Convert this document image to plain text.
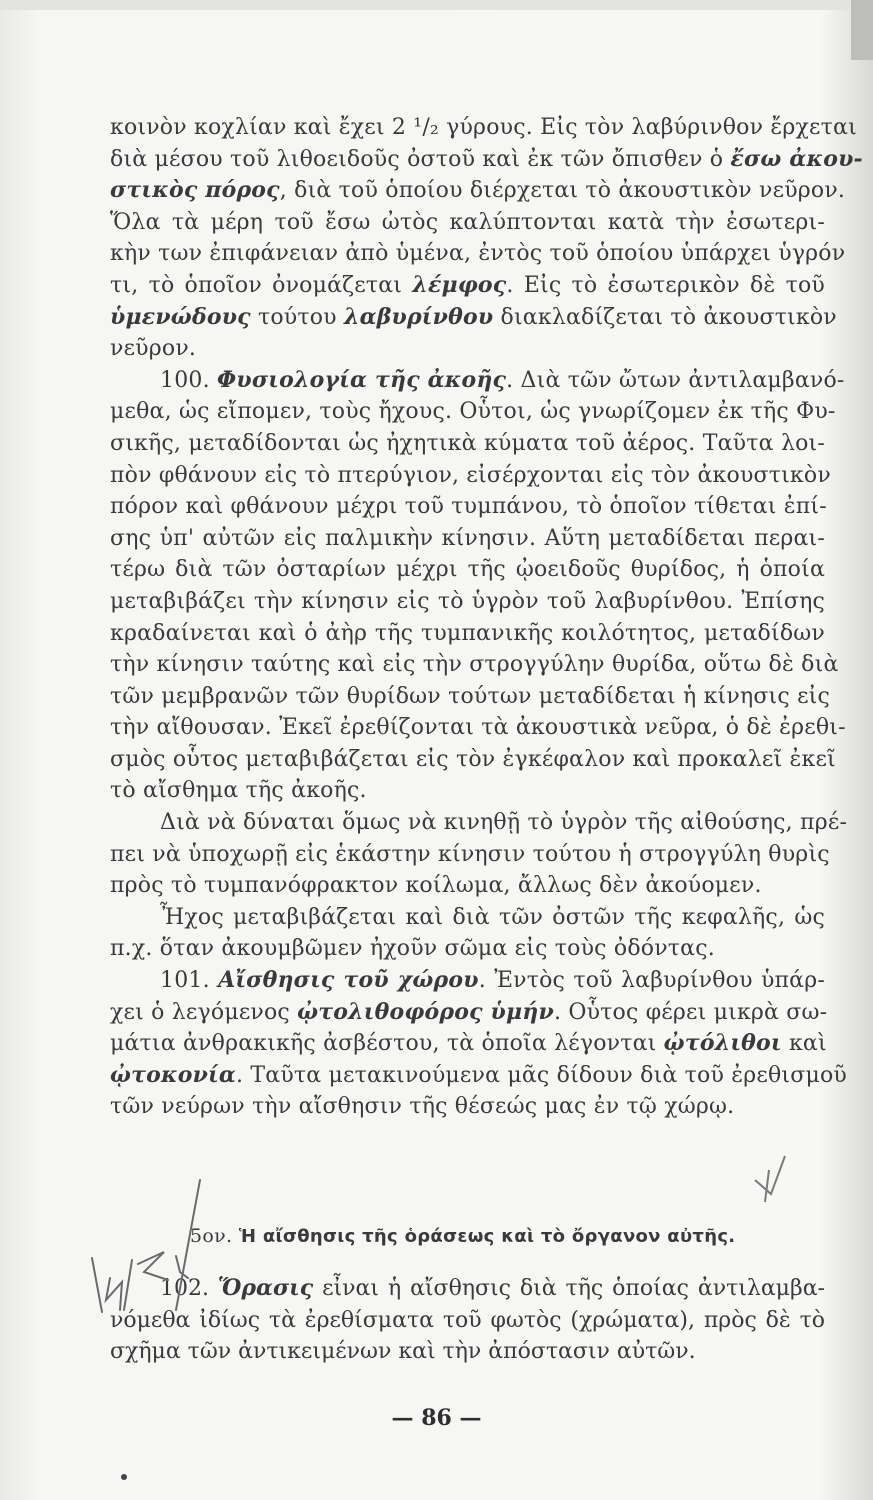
κοινὸν κοχλίαν καὶ ἔχει 2 ¹/₂ γύρους. Εἰς τὸν λαβύρινθον ἔρχεται
διὰ μέσου τοῦ λιθοειδοῦς ὀστοῦ καὶ ἐκ τῶν ὄπισθεν ὁ ἔσω ἀκου-
στικὸς πόρος, διὰ τοῦ ὁποίου διέρχεται τὸ ἀκουστικὸν νεῦρον.
Ὅλα τὰ μέρη τοῦ ἔσω ὠτὸς καλύπτονται κατὰ τὴν ἐσωτερι-
κὴν των ἐπιφάνειαν ἀπὸ ὑμένα, ἐντὸς τοῦ ὁποίου ὑπάρχει ὑγρόν
τι, τὸ ὁποῖον ὀνομάζεται λέμφος. Εἰς τὸ ἐσωτερικὸν δὲ τοῦ
ὑμενώδους τούτου λαβυρίνθου διακλαδίζεται τὸ ἀκουστικὸν
νεῦρον.
100. Φυσιολογία τῆς ἀκοῆς. Διὰ τῶν ὤτων ἀντιλαμβανό-
μεθα, ὡς εἴπομεν, τοὺς ἤχους. Οὗτοι, ὡς γνωρίζομεν ἐκ τῆς Φυ-
σικῆς, μεταδίδονται ὡς ἠχητικὰ κύματα τοῦ ἀέρος. Ταῦτα λοι-
πὸν φθάνουν εἰς τὸ πτερύγιον, εἰσέρχονται εἰς τὸν ἀκουστικὸν
πόρον καὶ φθάνουν μέχρι τοῦ τυμπάνου, τὸ ὁποῖον τίθεται ἐπί-
σης ὑπ' αὐτῶν εἰς παλμικὴν κίνησιν. Αὕτη μεταδίδεται περαι-
τέρω διὰ τῶν ὀσταρίων μέχρι τῆς ᾠοειδοῦς θυρίδος, ἡ ὁποία
μεταβιβάζει τὴν κίνησιν εἰς τὸ ὑγρὸν τοῦ λαβυρίνθου. Ἐπίσης
κραδαίνεται καὶ ὁ ἀὴρ τῆς τυμπανικῆς κοιλότητος, μεταδίδων
τὴν κίνησιν ταύτης καὶ εἰς τὴν στρογγύλην θυρίδα, οὕτω δὲ διὰ
τῶν μεμβρανῶν τῶν θυρίδων τούτων μεταδίδεται ἡ κίνησις εἰς
τὴν αἴθουσαν. Ἐκεῖ ἐρεθίζονται τὰ ἀκουστικὰ νεῦρα, ὁ δὲ ἐρεθι-
σμὸς οὗτος μεταβιβάζεται εἰς τὸν ἐγκέφαλον καὶ προκαλεῖ ἐκεῖ
τὸ αἴσθημα τῆς ἀκοῆς.
Διὰ νὰ δύναται ὅμως νὰ κινηθῇ τὸ ὑγρὸν τῆς αἰθούσης, πρέ-
πει νὰ ὑποχωρῇ εἰς ἑκάστην κίνησιν τούτου ἡ στρογγύλη θυρὶς
πρὸς τὸ τυμπανόφρακτον κοίλωμα, ἄλλως δὲν ἀκούομεν.
Ἦχος μεταβιβάζεται καὶ διὰ τῶν ὀστῶν τῆς κεφαλῆς, ὡς
π.χ. ὅταν ἀκουμβῶμεν ἠχοῦν σῶμα εἰς τοὺς ὀδόντας.
101. Αἴσθησις τοῦ χώρου. Ἐντὸς τοῦ λαβυρίνθου ὑπάρ-
χει ὁ λεγόμενος ᾠτολιθοφόρος ὑμήν. Οὗτος φέρει μικρὰ σω-
μάτια ἀνθρακικῆς ἀσβέστου, τὰ ὁποῖα λέγονται ᾠτόλιθοι καὶ
ᾠτοκονία. Ταῦτα μετακινούμενα μᾶς δίδουν διὰ τοῦ ἐρεθισμοῦ
τῶν νεύρων τὴν αἴσθησιν τῆς θέσεώς μας ἐν τῷ χώρῳ.
5ον. Ἡ αἴσθησις τῆς ὁράσεως καὶ τὸ ὄργανον αὐτῆς.
102. Ὅρασις εἶναι ἡ αἴσθησις διὰ τῆς ὁποίας ἀντιλαμβα-
νόμεθα ἰδίως τὰ ἐρεθίσματα τοῦ φωτὸς (χρώματα), πρὸς δὲ τὸ
σχῆμα τῶν ἀντικειμένων καὶ τὴν ἀπόστασιν αὐτῶν.
— 86 —
